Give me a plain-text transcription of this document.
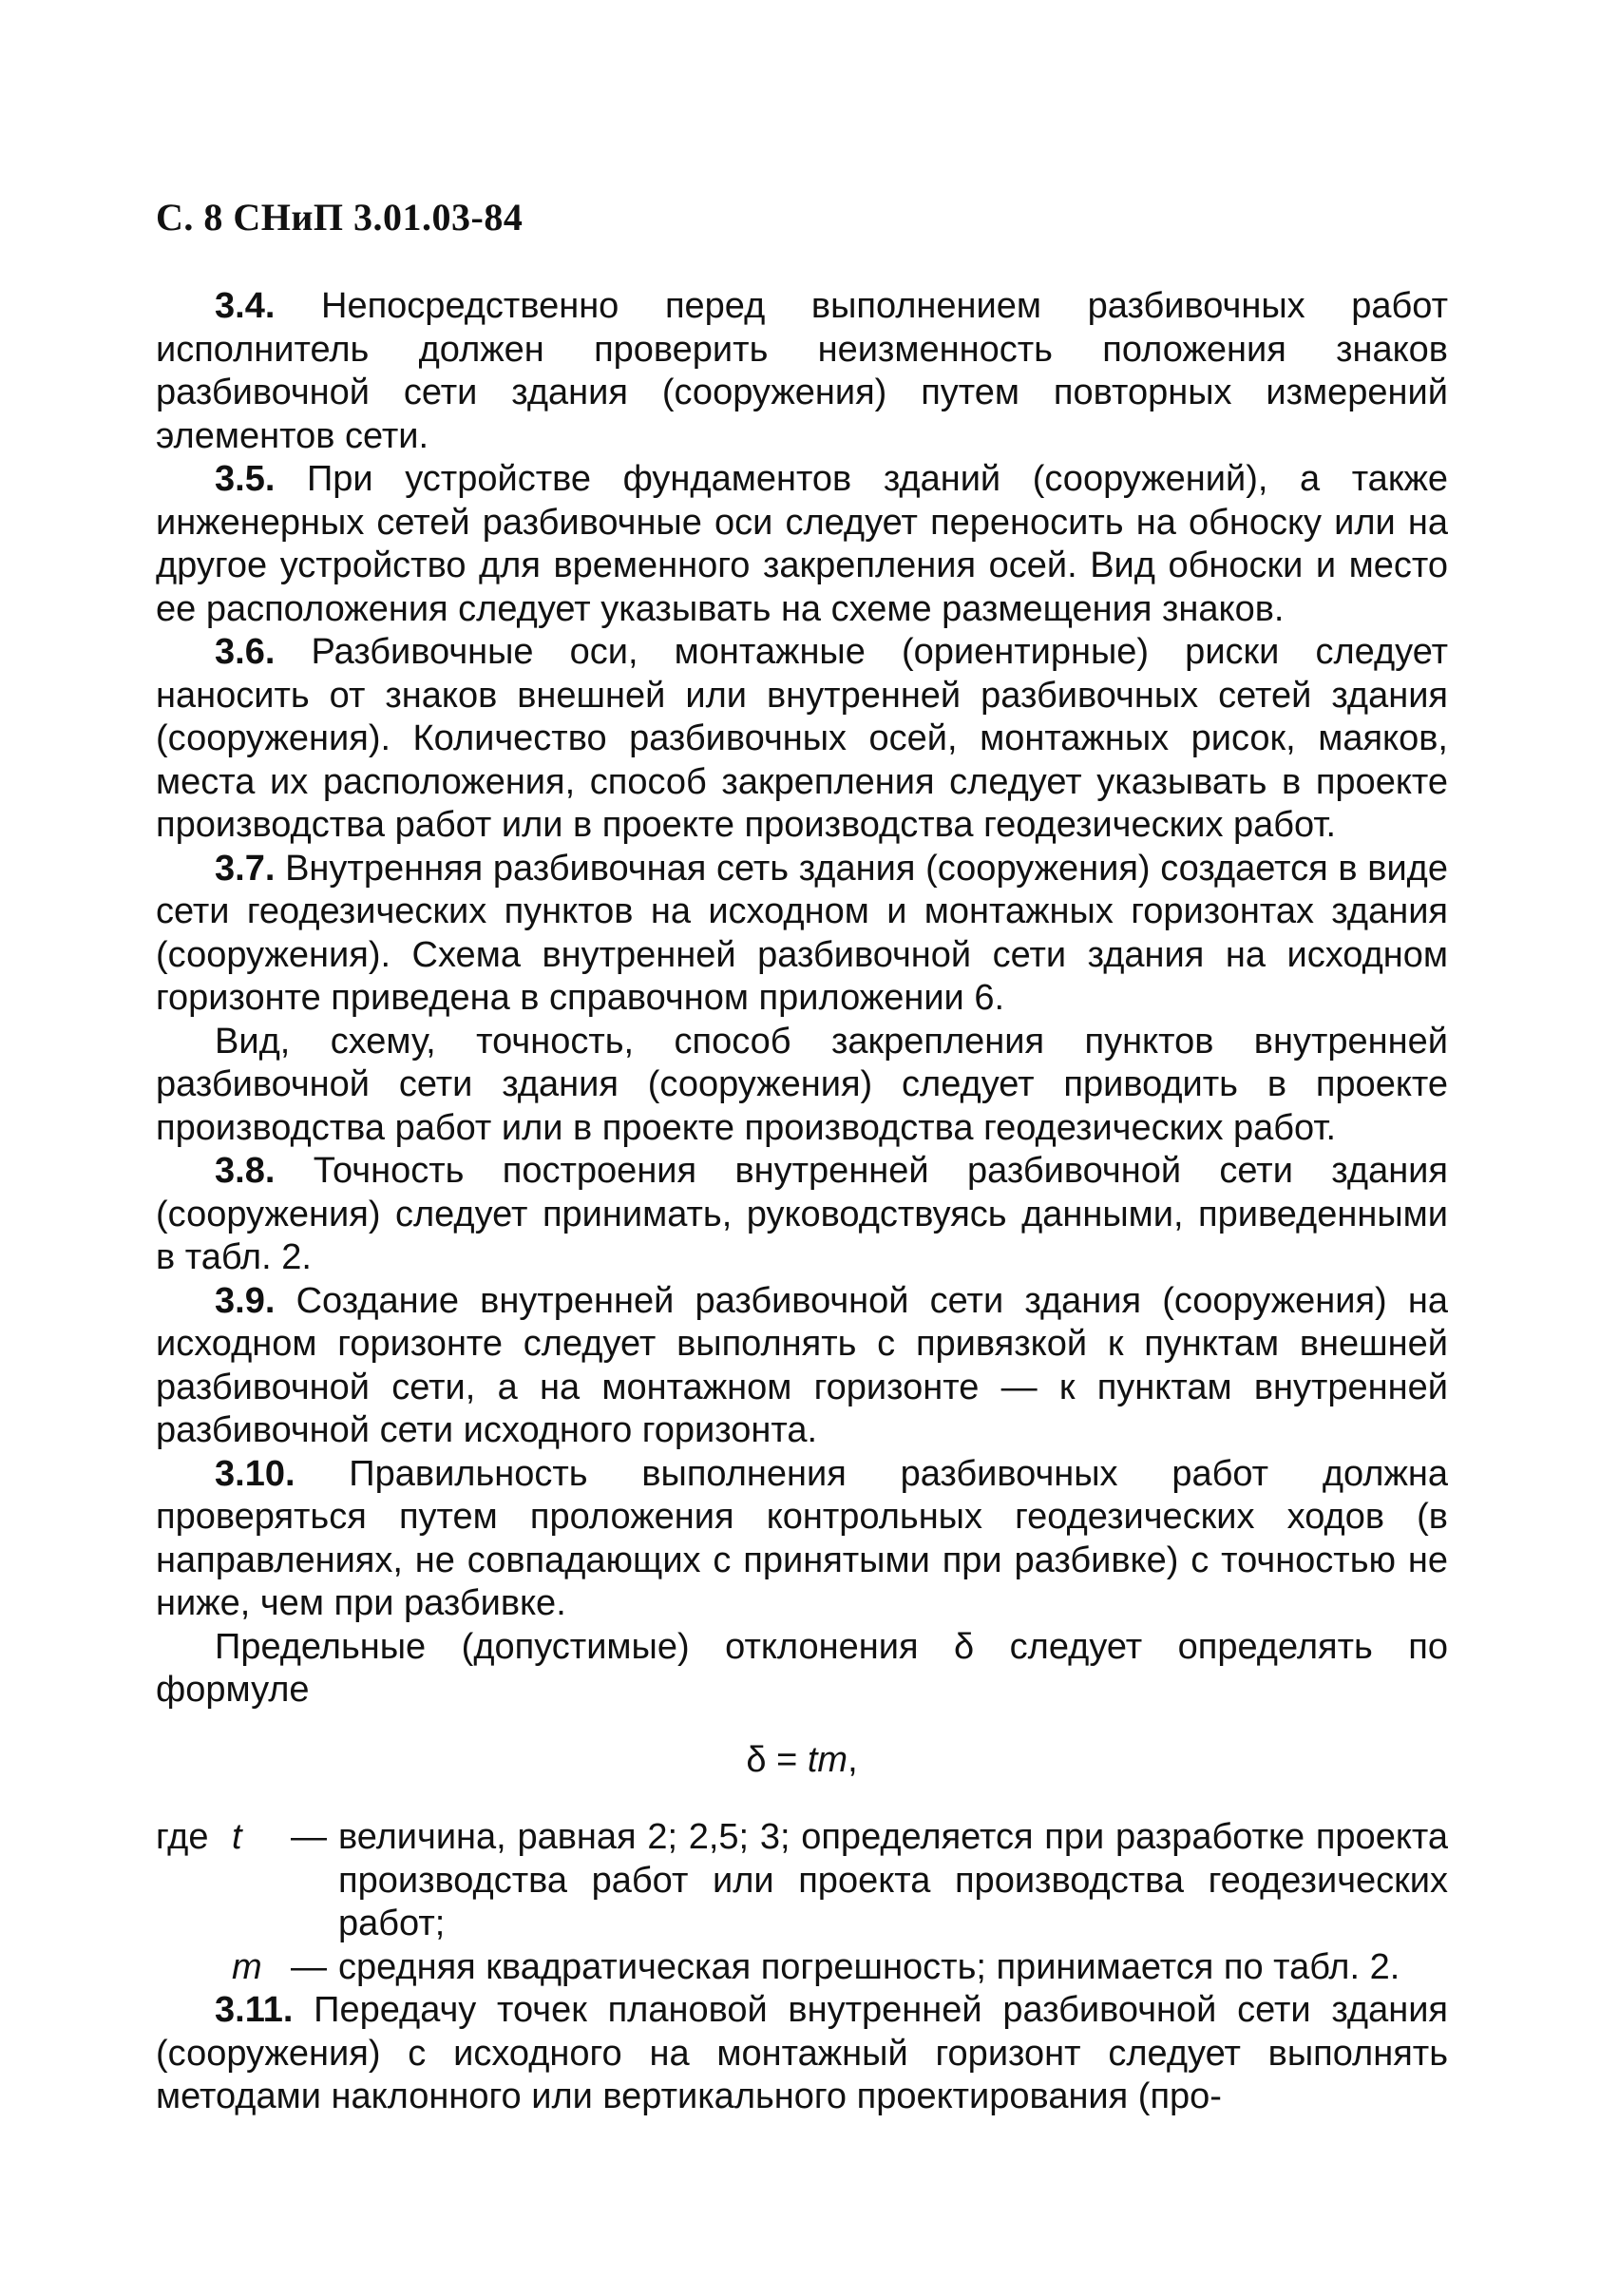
С. 8 СНиП 3.01.03-84

3.4. Непосредственно перед выполнением разбивочных работ исполнитель должен проверить неизменность положения знаков разбивочной сети здания (сооружения) путем повторных измерений элементов сети.

3.5. При устройстве фундаментов зданий (сооружений), а также инженерных сетей разбивочные оси следует переносить на обноску или на другое устройство для временного закрепления осей. Вид обноски и место ее расположения следует указывать на схеме размещения знаков.

3.6. Разбивочные оси, монтажные (ориентирные) риски следует наносить от знаков внешней или внутренней разбивочных сетей здания (сооружения). Количество разбивочных осей, монтажных рисок, маяков, места их расположения, способ закрепления следует указывать в проекте производства работ или в проекте производства геодезических работ.

3.7. Внутренняя разбивочная сеть здания (сооружения) создается в виде сети геодезических пунктов на исходном и монтажных горизонтах здания (сооружения). Схема внутренней разбивочной сети здания на исходном горизонте приведена в справочном приложении 6.

Вид, схему, точность, способ закрепления пунктов внутренней разбивочной сети здания (сооружения) следует приводить в проекте производства работ или в проекте производства геодезических работ.

3.8. Точность построения внутренней разбивочной сети здания (сооружения) следует принимать, руководствуясь данными, приведенными в табл. 2.

3.9. Создание внутренней разбивочной сети здания (сооружения) на исходном горизонте следует выполнять с привязкой к пунктам внешней разбивочной сети, а на монтажном горизонте — к пунктам внутренней разбивочной сети исходного горизонта.

3.10. Правильность выполнения разбивочных работ должна проверяться путем проложения контрольных геодезических ходов (в направлениях, не совпадающих с принятыми при разбивке) с точностью не ниже, чем при разбивке.

Предельные (допустимые) отклонения δ следует определять по формуле

δ = tm,

где t	— величина, равная 2; 2,5; 3; определяется при разработке проекта производства работ или проекта производства геодезических работ;
m — средняя квадратическая погрешность; принимается по табл. 2.

3.11. Передачу точек плановой внутренней разбивочной сети здания (сооружения) с исходного на монтажный горизонт следует выполнять методами наклонного или вертикального проектирования (про-
